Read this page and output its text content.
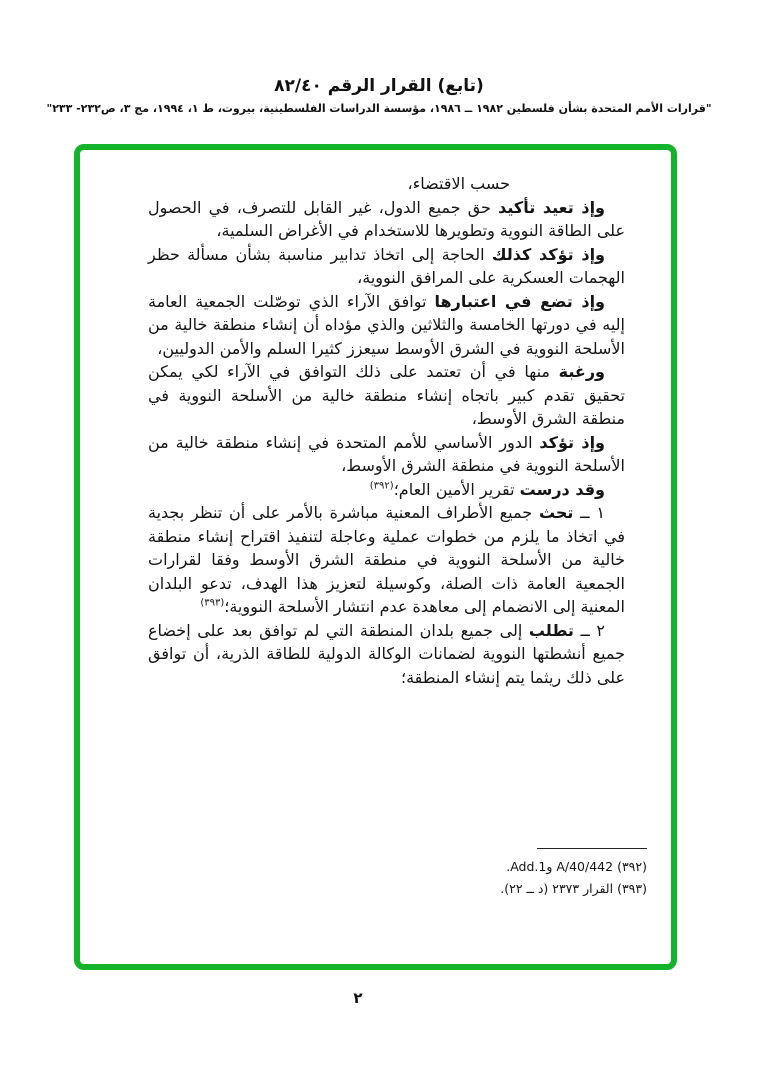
(تابع) القرار الرقم ٨٢/٤٠
"قرارات الأمم المتحدة بشأن فلسطين ١٩٨٢ ــ ١٩٨٦، مؤسسة الدراسات الفلسطينية، بيروت، ط ١، ١٩٩٤، مج ٣، ص٢٣٢- ٢٣٣"

حسب الاقتضاء،

وإذ تعيد تأكيد حق جميع الدول، غير القابل للتصرف، في الحصول على الطاقة النووية وتطويرها للاستخدام في الأغراض السلمية،

وإذ تؤكد كذلك الحاجة إلى اتخاذ تدابير مناسبة بشأن مسألة حظر الهجمات العسكرية على المرافق النووية،

وإذ تضع في اعتبارها توافق الآراء الذي توصّلت الجمعية العامة إليه في دورتها الخامسة والثلاثين والذي مؤداه أن إنشاء منطقة خالية من الأسلحة النووية في الشرق الأوسط سيعزز كثيرا السلم والأمن الدوليين،

ورغبة منها في أن تعتمد على ذلك التوافق في الآراء لكي يمكن تحقيق تقدم كبير باتجاه إنشاء منطقة خالية من الأسلحة النووية في منطقة الشرق الأوسط،

وإذ تؤكد الدور الأساسي للأمم المتحدة في إنشاء منطقة خالية من الأسلحة النووية في منطقة الشرق الأوسط،

وقد درست تقرير الأمين العام؛$^{(٣٩٢)}$

١ ــ تحث جميع الأطراف المعنية مباشرة بالأمر على أن تنظر بجدية في اتخاذ ما يلزم من خطوات عملية وعاجلة لتنفيذ اقتراح إنشاء منطقة خالية من الأسلحة النووية في منطقة الشرق الأوسط وفقا لقرارات الجمعية العامة ذات الصلة، وكوسيلة لتعزيز هذا الهدف، تدعو البلدان المعنية إلى الانضمام إلى معاهدة عدم انتشار الأسلحة النووية؛$^{(٣٩٣)}$

٢ ــ تطلب إلى جميع بلدان المنطقة التي لم توافق بعد على إخضاع جميع أنشطتها النووية لضمانات الوكالة الدولية للطاقة الذرية، أن توافق على ذلك ريثما يتم إنشاء المنطقة؛

(٣٩٢) A/40/442 وAdd.1.
(٣٩٣) القرار ٢٣٧٣ (د ــ ٢٢).
٢
